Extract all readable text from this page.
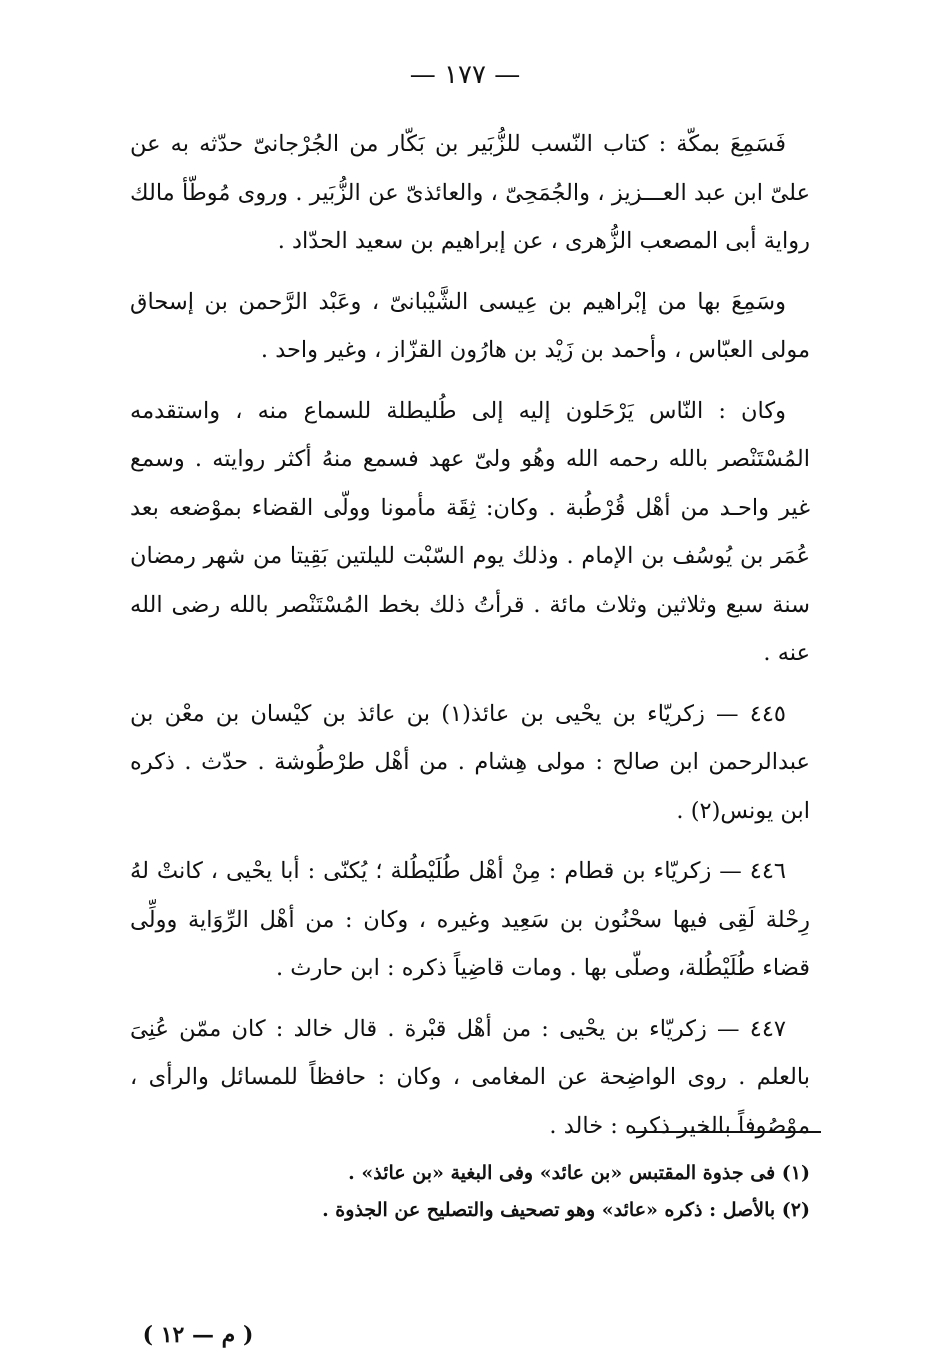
— ١٧٧ —

فَسَمِعَ بمكّة : كتاب النّسب للزُّبَير بن بَكّار من الجُرْجانىّ حدّثه به عن علىّ ابن عبد العـــزيز ، والجُمَحِىّ ، والعائذىّ عن الزُّبَير . وروى مُوطّأ مالك رواية أبى المصعب الزُّهرى ، عن إبراهيم بن سعيد الحدّاد .

وسَمِعَ بها من إبْراهيم بن عِيسى الشَّيْبانىّ ، وعَبْد الرَّحمن بن إسحاق مولى العبّاس ، وأحمد بن زَيْد بن هارُون القزّاز ، وغير واحد .

وكان : النّاس يَرْحَلون إليه إلى طُليطلة للسماع منه ، واستقدمه المُسْتَنْصر بالله رحمه الله وهُو ولىّ عهد فسمع منهُ أكثر روايته . وسمع غير واحـد من أهْل قُرْطُبة . وكان: ثِقَة مأمونا وولّى القضاء بموْضعه بعد عُمَر بن يُوسُف بن الإمام . وذلك يوم السّبْت لليلتين بَقِيتا من شهر رمضان سنة سبع وثلاثين وثلاث مائة . قرأتُ ذلك بخط المُسْتَنْصر بالله رضى الله عنه .

٤٤٥ — زكريّاء بن يحْيى بن عائذ(١) بن عائذ بن كيْسان بن معْن بن عبدالرحمن ابن صالح : مولى هِشام . من أهْل طرْطُوشة . حدّث . ذكره ابن يونس(٢) .

٤٤٦ — زكريّاء بن قطام : مِنْ أهْل طُلَيْطُلة ؛ يُكنّى : أبا يحْيى ، كانتْ لهُ رِحْلة لَقِى فيها سحْنُون بن سَعِيد وغيره ، وكان : من أهْل الرِّوَاية وولِّى قضاء طُلَيْطُلة، وصلّى بها . ومات قاضِياً ذكره : ابن حارث .

٤٤٧ — زكريّاء بن يحْيى : من أهْل قبْرة . قال خالد : كان ممّن عُنِىَ بالعلم . روى الواضِحة عن المغامى ، وكان : حافظاً للمسائل والرأى ، موْصُوفاً بالخير ذكره : خالد .

(١) فى جذوة المقتبس «بن عائد» وفى البغية «بن عائذ» .

(٢) بالأصل : ذكره «عائد» وهو تصحيف والتصليح عن الجذوة .

( م — ١٢ )
